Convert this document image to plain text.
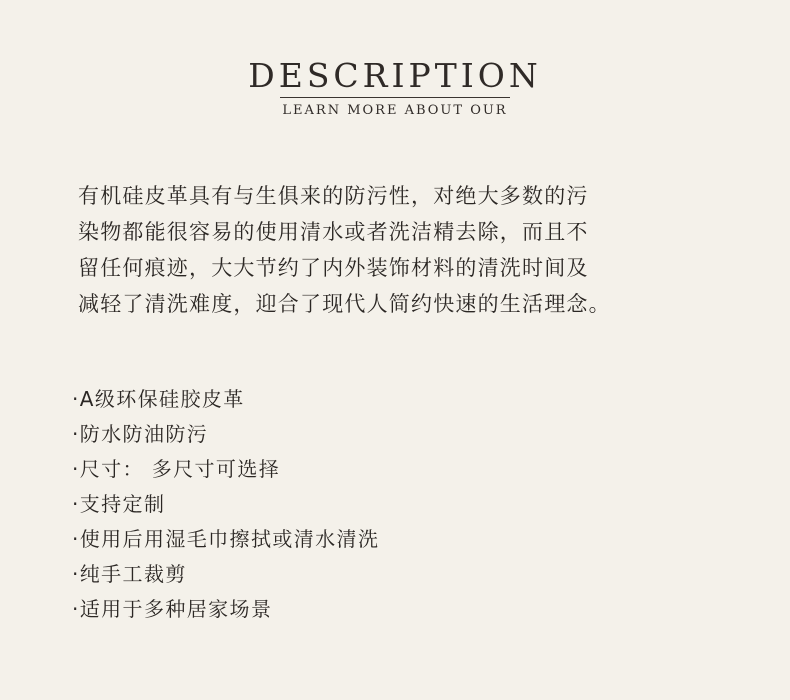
DESCRIPTION
LEARN MORE ABOUT OUR
有机硅皮革具有与生俱来的防污性，对绝大多数的污
染物都能很容易的使用清水或者洗洁精去除，而且不
留任何痕迹，大大节约了内外装饰材料的清洗时间及
减轻了清洗难度，迎合了现代人简约快速的生活理念。
·A级环保硅胶皮革
·防水防油防污
·尺寸： 多尺寸可选择
·支持定制
·使用后用湿毛巾擦拭或清水清洗
·纯手工裁剪
·适用于多种居家场景
